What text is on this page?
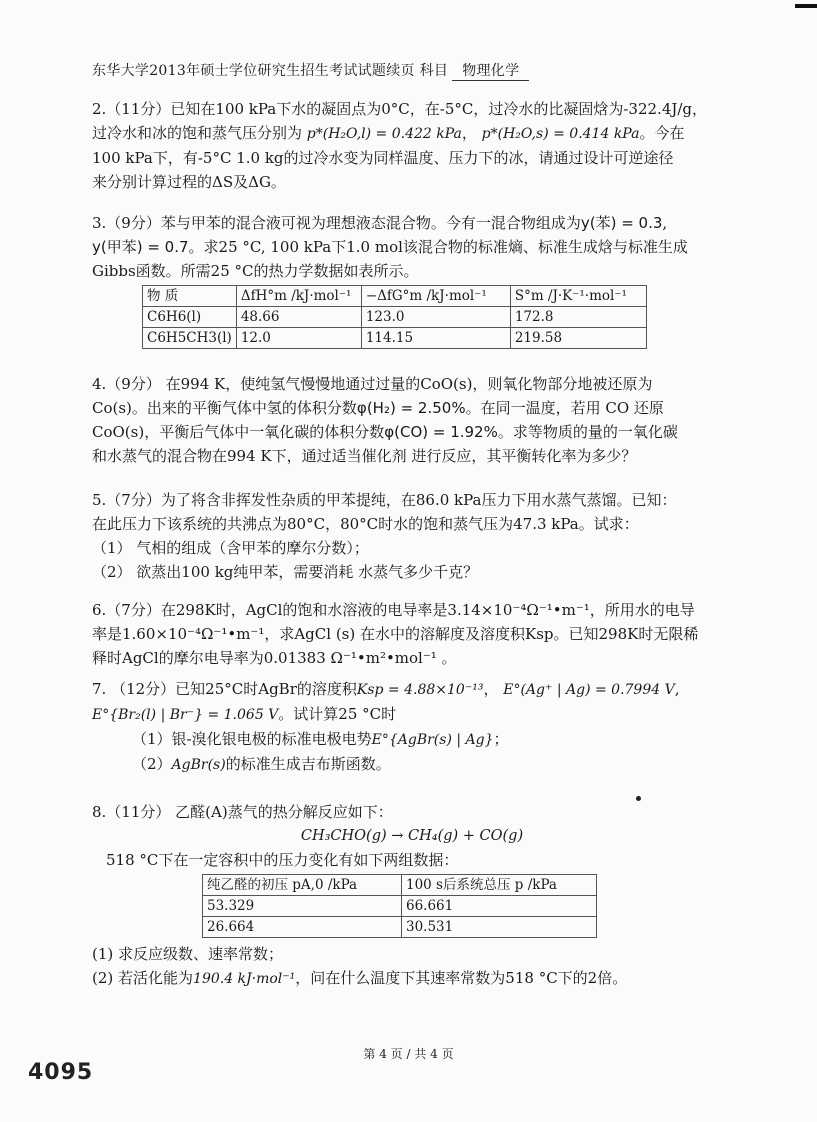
东华大学2013年硕士学位研究生招生考试试题续页 科目 物理化学

2.（11分）已知在100 kPa下水的凝固点为0°C，在-5°C，过冷水的比凝固焓为-322.4J/g，

过冷水和冰的饱和蒸气压分别为 p*(H₂O,l) = 0.422 kPa， p*(H₂O,s) = 0.414 kPa。今在

100 kPa下，有-5°C 1.0 kg的过冷水变为同样温度、压力下的冰，请通过设计可逆途径

来分别计算过程的ΔS及ΔG。

3.（9分）苯与甲苯的混合液可视为理想液态混合物。今有一混合物组成为y(苯) = 0.3,

y(甲苯) = 0.7。求25 °C, 100 kPa下1.0 mol该混合物的标准熵、标准生成焓与标准生成

Gibbs函数。所需25 °C的热力学数据如表所示。

物 质	ΔfH°m /kJ·mol⁻¹	−ΔfG°m /kJ·mol⁻¹	S°m /J·K⁻¹·mol⁻¹
C6H6(l)	48.66	123.0	172.8
C6H5CH3(l)	12.0	114.15	219.58

4.（9分） 在994 K，使纯氢气慢慢地通过过量的CoO(s)，则氧化物部分地被还原为

Co(s)。出来的平衡气体中氢的体积分数φ(H₂) = 2.50%。在同一温度，若用 CO 还原

CoO(s)，平衡后气体中一氧化碳的体积分数φ(CO) = 1.92%。求等物质的量的一氧化碳

和水蒸气的混合物在994 K下，通过适当催化剂 进行反应，其平衡转化率为多少？

5.（7分）为了将含非挥发性杂质的甲苯提纯，在86.0 kPa压力下用水蒸气蒸馏。已知：

在此压力下该系统的共沸点为80°C，80°C时水的饱和蒸气压为47.3 kPa。试求：

（1） 气相的组成（含甲苯的摩尔分数）；

（2） 欲蒸出100 kg纯甲苯，需要消耗 水蒸气多少千克？

6.（7分）在298K时，AgCl的饱和水溶液的电导率是3.14×10⁻⁴Ω⁻¹•m⁻¹，所用水的电导

率是1.60×10⁻⁴Ω⁻¹•m⁻¹，求AgCl (s) 在水中的溶解度及溶度积Ksp。已知298K时无限稀

释时AgCl的摩尔电导率为0.01383 Ω⁻¹•m²•mol⁻¹ 。

7. （12分）已知25°C时AgBr的溶度积Ksp = 4.88×10⁻¹³， E°(Ag⁺ | Ag) = 0.7994 V,

E°{Br₂(l) | Br⁻} = 1.065 V。试计算25 °C时

（1）银-溴化银电极的标准电极电势E°{AgBr(s) | Ag}；

（2）AgBr(s)的标准生成吉布斯函数。

8.（11分） 乙醛(A)蒸气的热分解反应如下：

CH₃CHO(g) → CH₄(g) + CO(g)

518 °C下在一定容积中的压力变化有如下两组数据：

纯乙醛的初压 pA,0 /kPa	100 s后系统总压 p /kPa
53.329	66.661
26.664	30.531

(1) 求反应级数、速率常数；

(2) 若活化能为190.4 kJ·mol⁻¹，问在什么温度下其速率常数为518 °C下的2倍。

第 4 页 / 共 4 页
4095
